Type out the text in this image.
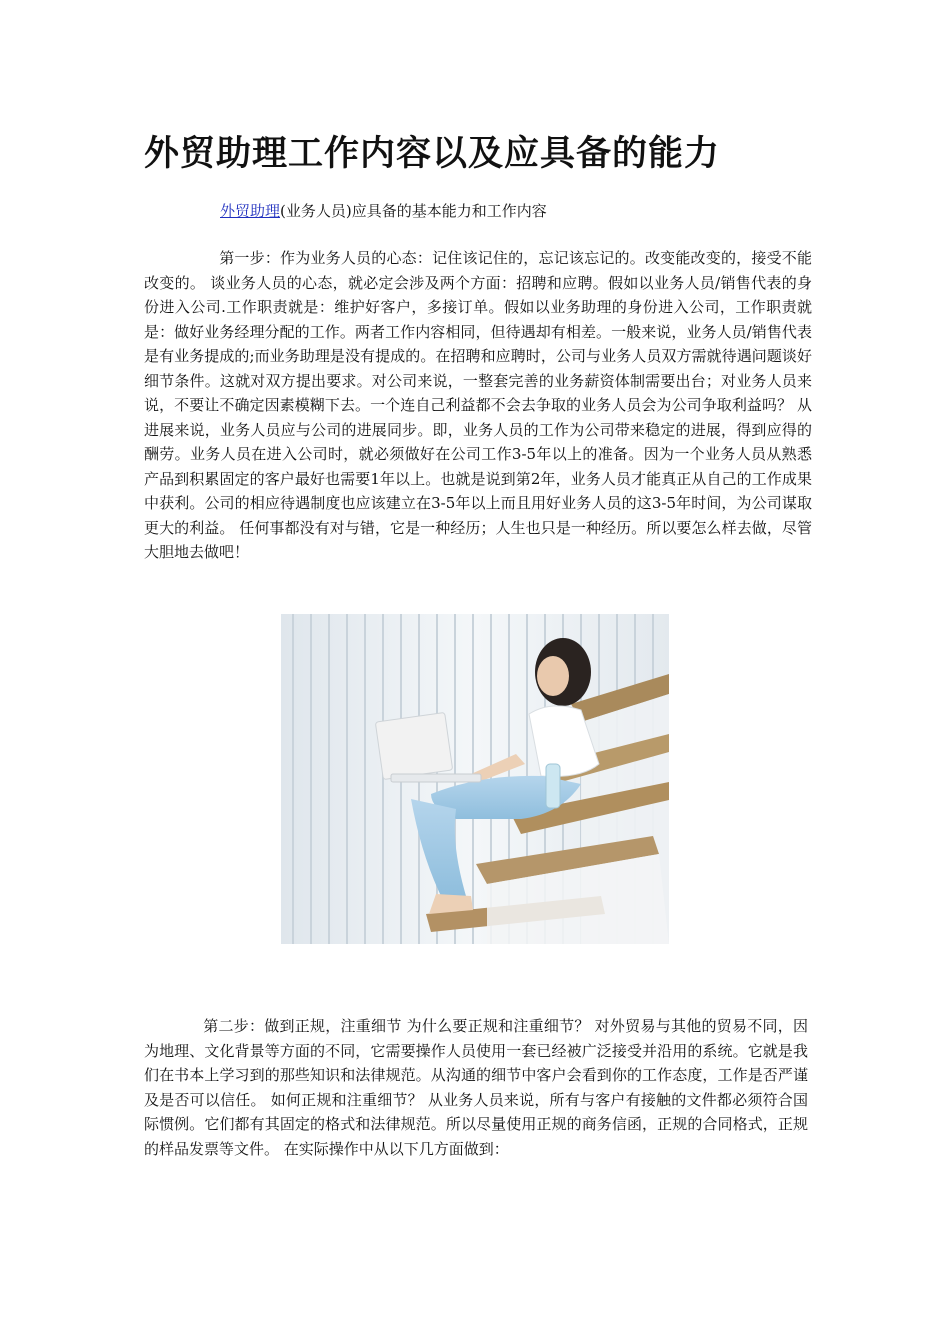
外贸助理工作内容以及应具备的能力
外贸助理(业务人员)应具备的基本能力和工作内容

第一步：作为业务人员的心态：记住该记住的，忘记该忘记的。改变能改变的，接受不能改变的。 谈业务人员的心态，就必定会涉及两个方面：招聘和应聘。假如以业务人员/销售代表的身份进入公司.工作职责就是：维护好客户，多接订单。假如以业务助理的身份进入公司，工作职责就是：做好业务经理分配的工作。两者工作内容相同，但待遇却有相差。一般来说，业务人员/销售代表是有业务提成的;而业务助理是没有提成的。在招聘和应聘时，公司与业务人员双方需就待遇问题谈好细节条件。这就对双方提出要求。对公司来说，一整套完善的业务薪资体制需要出台；对业务人员来说，不要让不确定因素模糊下去。一个连自己利益都不会去争取的业务人员会为公司争取利益吗？ 从进展来说，业务人员应与公司的进展同步。即，业务人员的工作为公司带来稳定的进展，得到应得的酬劳。业务人员在进入公司时，就必须做好在公司工作3-5年以上的准备。因为一个业务人员从熟悉产品到积累固定的客户最好也需要1年以上。也就是说到第2年，业务人员才能真正从自己的工作成果中获利。公司的相应待遇制度也应该建立在3-5年以上而且用好业务人员的这3-5年时间，为公司谋取更大的利益。 任何事都没有对与错，它是一种经历；人生也只是一种经历。所以要怎么样去做，尽管大胆地去做吧！

第二步：做到正规，注重细节 为什么要正规和注重细节？ 对外贸易与其他的贸易不同，因为地理、文化背景等方面的不同，它需要操作人员使用一套已经被广泛接受并沿用的系统。它就是我们在书本上学习到的那些知识和法律规范。从沟通的细节中客户会看到你的工作态度，工作是否严谨及是否可以信任。 如何正规和注重细节？ 从业务人员来说，所有与客户有接触的文件都必须符合国际惯例。它们都有其固定的格式和法律规范。所以尽量使用正规的商务信函，正规的合同格式，正规的样品发票等文件。 在实际操作中从以下几方面做到：
